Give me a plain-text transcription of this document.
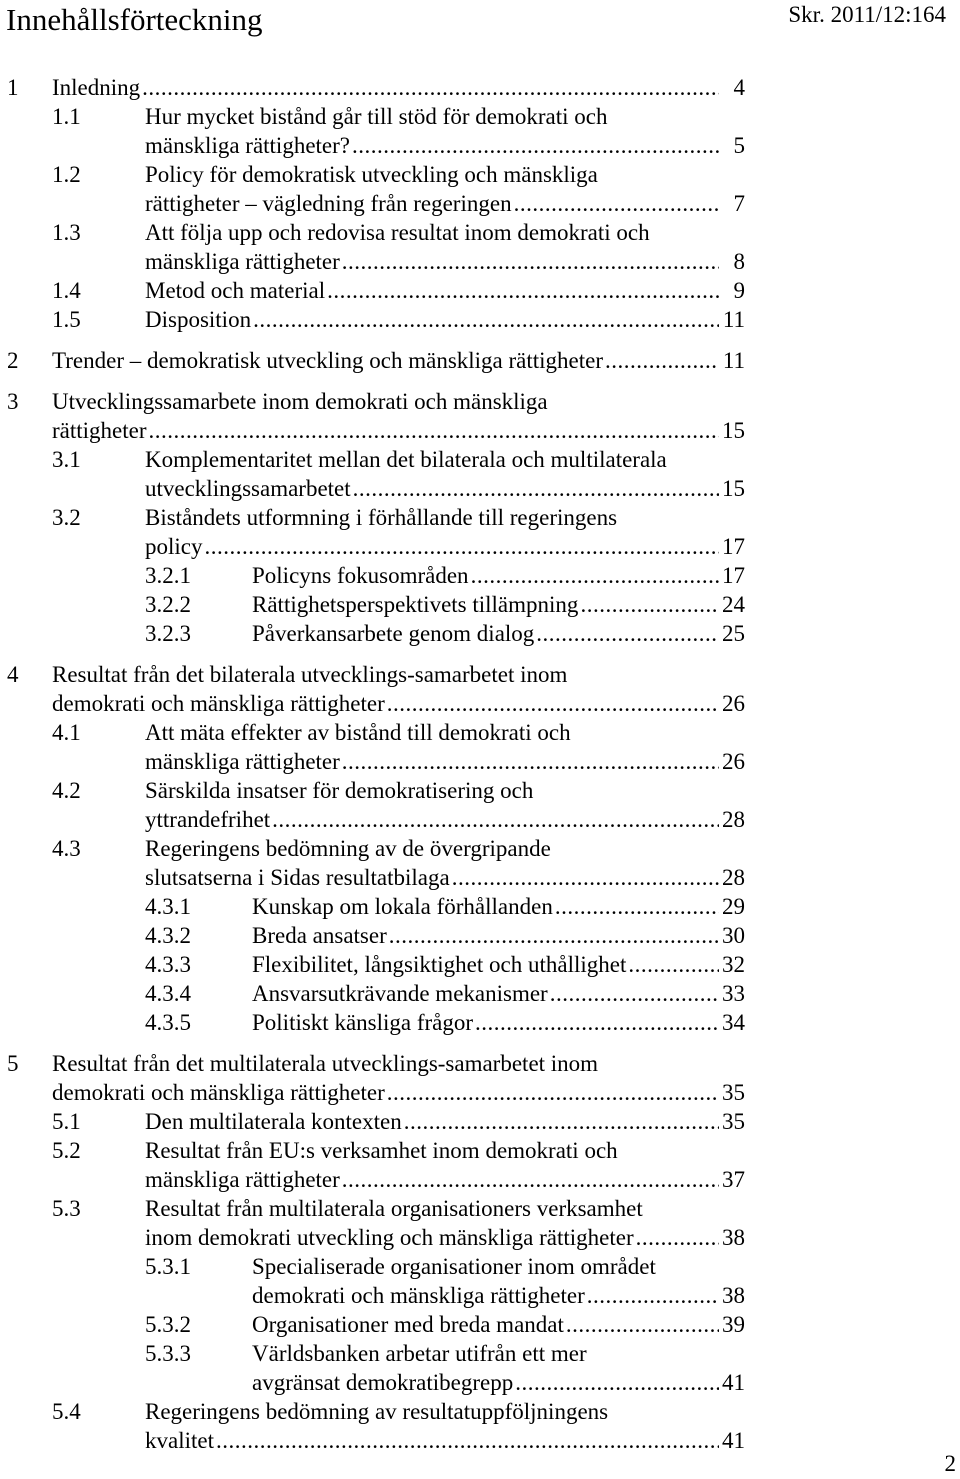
Innehållsförteckning	Skr. 2011/12:164
1 Inledning .....	4
1.1	Hur mycket bistånd går till stöd för demokrati och
mänskliga rättigheter? .....	5
1.2	Policy för demokratisk utveckling och mänskliga
rättigheter – vägledning från regeringen .....	7
1.3	Att följa upp och redovisa resultat inom demokrati och
mänskliga rättigheter .....	8
1.4	Metod och material .....	9
1.5	Disposition .....	11
2 Trender – demokratisk utveckling och mänskliga rättigheter .....	11
3 Utvecklingssamarbete inom demokrati och mänskliga
rättigheter .....	15
3.1	Komplementaritet mellan det bilaterala och multilaterala
utvecklingssamarbetet .....	15
3.2	Biståndets utformning i förhållande till regeringens
policy .....	17
3.2.1	Policyns fokusområden .....	17
3.2.2	Rättighetsperspektivets tillämpning .....	24
3.2.3	Påverkansarbete genom dialog .....	25
4 Resultat från det bilaterala utvecklings-samarbetet inom
demokrati och mänskliga rättigheter .....	26
4.1	Att mäta effekter av bistånd till demokrati och
mänskliga rättigheter .....	26
4.2	Särskilda insatser för demokratisering och
yttrandefrihet .....	28
4.3	Regeringens bedömning av de övergripande
slutsatserna i Sidas resultatbilaga .....	28
4.3.1	Kunskap om lokala förhållanden .....	29
4.3.2	Breda ansatser .....	30
4.3.3	Flexibilitet, långsiktighet och uthållighet .....	32
4.3.4	Ansvarsutkrävande mekanismer .....	33
4.3.5	Politiskt känsliga frågor .....	34
5 Resultat från det multilaterala utvecklings-samarbetet inom
demokrati och mänskliga rättigheter .....	35
5.1	Den multilaterala kontexten .....	35
5.2	Resultat från EU:s verksamhet inom demokrati och
mänskliga rättigheter .....	37
5.3	Resultat från multilaterala organisationers verksamhet
inom demokrati utveckling och mänskliga rättigheter .....	38
5.3.1	Specialiserade organisationer inom området
demokrati och mänskliga rättigheter .....	38
5.3.2	Organisationer med breda mandat .....	39
5.3.3	Världsbanken arbetar utifrån ett mer
avgränsat demokratibegrepp .....	41
5.4	Regeringens bedömning av resultatuppföljningens
kvalitet .....	41
2
